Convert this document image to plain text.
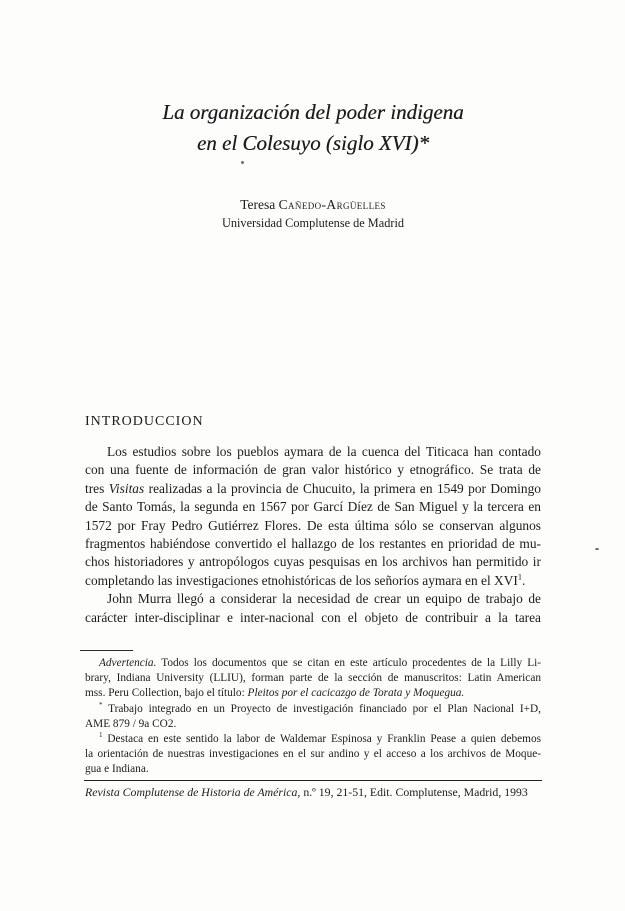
La organización del poder indigena
en el Colesuyo (siglo XVI)*
Teresa Cañedo-Argüelles
Universidad Complutense de Madrid
INTRODUCCION
Los estudios sobre los pueblos aymara de la cuenca del Titicaca han contado
con una fuente de información de gran valor histórico y etnográfico. Se trata de
tres Visitas realizadas a la provincia de Chucuito, la primera en 1549 por Domingo
de Santo Tomás, la segunda en 1567 por Garcí Díez de San Miguel y la tercera en
1572 por Fray Pedro Gutiérrez Flores. De esta última sólo se conservan algunos
fragmentos habiéndose convertido el hallazgo de los restantes en prioridad de mu-
chos historiadores y antropólogos cuyas pesquisas en los archivos han permitido ir
completando las investigaciones etnohistóricas de los señoríos aymara en el XVI$^1$.
John Murra llegó a considerar la necesidad de crear un equipo de trabajo de
carácter inter-disciplinar e inter-nacional con el objeto de contribuir a la tarea
Advertencia. Todos los documentos que se citan en este artículo procedentes de la Lilly Li-
brary, Indiana University (LLIU), forman parte de la sección de manuscritos: Latin American
mss. Peru Collection, bajo el título: Pleitos por el cacicazgo de Torata y Moquegua.
* Trabajo integrado en un Proyecto de investigación financiado por el Plan Nacional I+D,
AME 879 / 9a CO2.
$^1$ Destaca en este sentido la labor de Waldemar Espinosa y Franklin Pease a quien debemos
la orientación de nuestras investigaciones en el sur andino y el acceso a los archivos de Moque-
gua e Indiana.
Revista Complutense de Historia de América, n.º 19, 21-51, Edit. Complutense, Madrid, 1993
